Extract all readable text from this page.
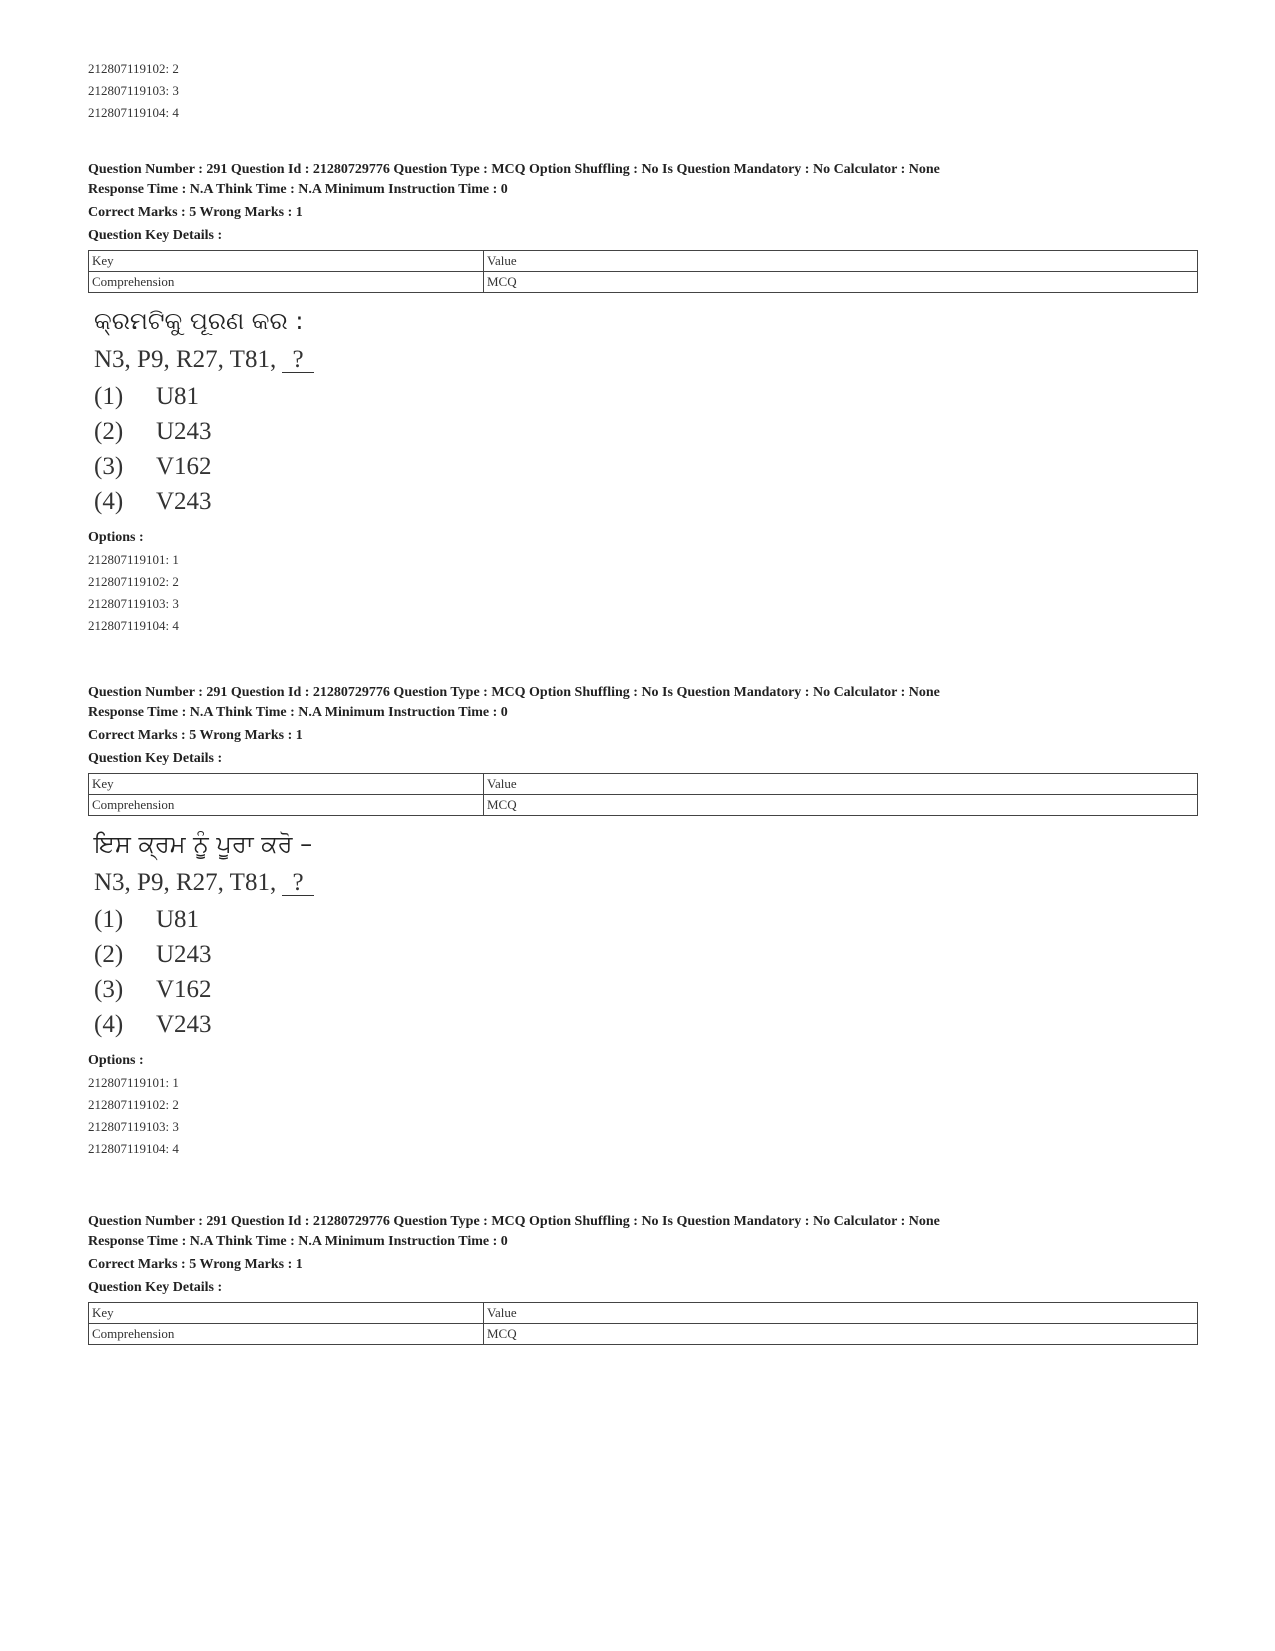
212807119102: 2
212807119103: 3
212807119104: 4
Question Number : 291 Question Id : 21280729776 Question Type : MCQ Option Shuffling : No Is Question Mandatory : No Calculator : None
Response Time : N.A Think Time : N.A Minimum Instruction Time : 0
Correct Marks : 5 Wrong Marks : 1
Question Key Details :
Key	Value
Comprehension	MCQ
କ୍ରମଟିକୁ ପୂରଣ କର :
N3, P9, R27, T81, ?
(1) U81
(2) U243
(3) V162
(4) V243
Options :
212807119101: 1
212807119102: 2
212807119103: 3
212807119104: 4
Question Number : 291 Question Id : 21280729776 Question Type : MCQ Option Shuffling : No Is Question Mandatory : No Calculator : None
Response Time : N.A Think Time : N.A Minimum Instruction Time : 0
Correct Marks : 5 Wrong Marks : 1
Question Key Details :
Key	Value
Comprehension	MCQ
ਇਸ ਕ੍ਰਮ ਨੂੰ ਪੂਰਾ ਕਰੋ –
N3, P9, R27, T81, ?
(1) U81
(2) U243
(3) V162
(4) V243
Options :
212807119101: 1
212807119102: 2
212807119103: 3
212807119104: 4
Question Number : 291 Question Id : 21280729776 Question Type : MCQ Option Shuffling : No Is Question Mandatory : No Calculator : None
Response Time : N.A Think Time : N.A Minimum Instruction Time : 0
Correct Marks : 5 Wrong Marks : 1
Question Key Details :
Key	Value
Comprehension	MCQ
